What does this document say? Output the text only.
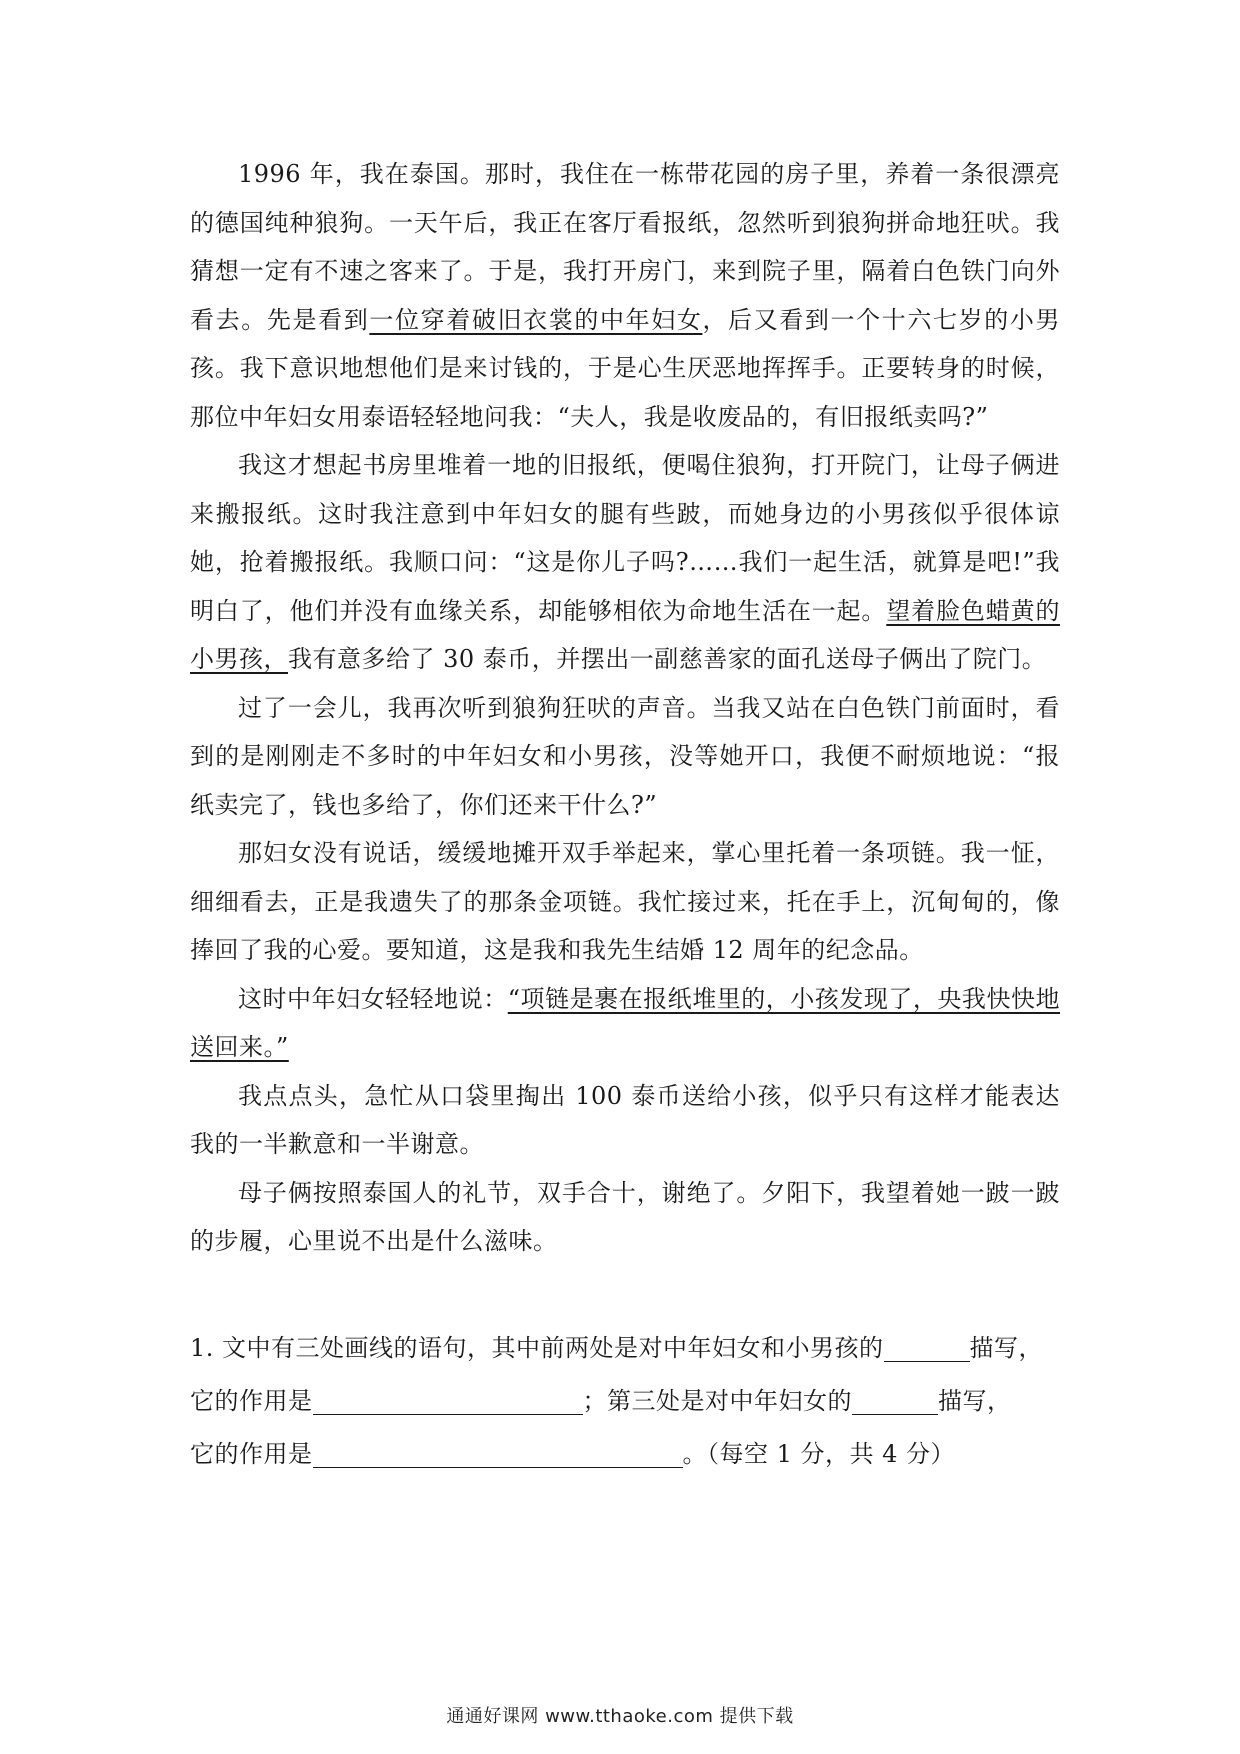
1996 年，我在泰国。那时，我住在一栋带花园的房子里，养着一条很漂亮的德国纯种狼狗。一天午后，我正在客厅看报纸，忽然听到狼狗拼命地狂吠。我猜想一定有不速之客来了。于是，我打开房门，来到院子里，隔着白色铁门向外看去。先是看到一位穿着破旧衣裳的中年妇女，后又看到一个十六七岁的小男孩。我下意识地想他们是来讨钱的，于是心生厌恶地挥挥手。正要转身的时候，那位中年妇女用泰语轻轻地问我：“夫人，我是收废品的，有旧报纸卖吗?”

我这才想起书房里堆着一地的旧报纸，便喝住狼狗，打开院门，让母子俩进来搬报纸。这时我注意到中年妇女的腿有些跛，而她身边的小男孩似乎很体谅她，抢着搬报纸。我顺口问：“这是你儿子吗?……我们一起生活，就算是吧!”我明白了，他们并没有血缘关系，却能够相依为命地生活在一起。望着脸色蜡黄的小男孩，我有意多给了 30 泰币，并摆出一副慈善家的面孔送母子俩出了院门。

过了一会儿，我再次听到狼狗狂吠的声音。当我又站在白色铁门前面时，看到的是刚刚走不多时的中年妇女和小男孩，没等她开口，我便不耐烦地说：“报纸卖完了，钱也多给了，你们还来干什么?”

那妇女没有说话，缓缓地摊开双手举起来，掌心里托着一条项链。我一怔，细细看去，正是我遗失了的那条金项链。我忙接过来，托在手上，沉甸甸的，像捧回了我的心爱。要知道，这是我和我先生结婚 12 周年的纪念品。

这时中年妇女轻轻地说：“项链是裹在报纸堆里的，小孩发现了，央我快快地送回来。”

我点点头，急忙从口袋里掏出 100 泰币送给小孩，似乎只有这样才能表达我的一半歉意和一半谢意。

母子俩按照泰国人的礼节，双手合十，谢绝了。夕阳下，我望着她一跛一跛的步履，心里说不出是什么滋味。

1. 文中有三处画线的语句，其中前两处是对中年妇女和小男孩的	描写，
它的作用是	；第三处是对中年妇女的	描写，
它的作用是	。（每空 1 分，共 4 分）
通通好课网 www.tthaoke.com 提供下载
